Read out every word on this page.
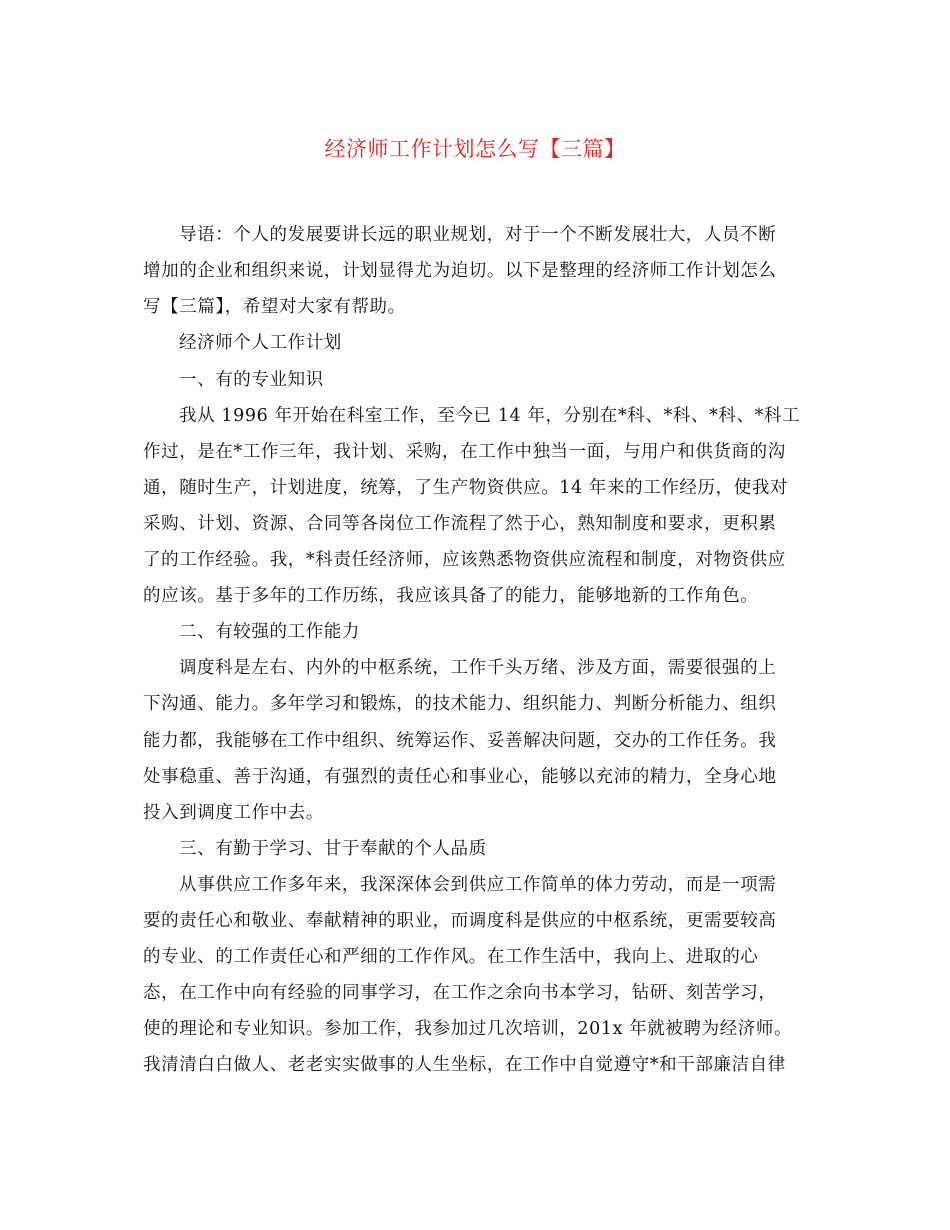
经济师工作计划怎么写【三篇】
导语：个人的发展要讲长远的职业规划，对于一个不断发展壮大，人员不断
增加的企业和组织来说，计划显得尤为迫切。以下是整理的经济师工作计划怎么
写【三篇】，希望对大家有帮助。
经济师个人工作计划
一、有的专业知识
我从 1996 年开始在科室工作，至今已 14 年，分别在*科、*科、*科、*科工
作过，是在*工作三年，我计划、采购，在工作中独当一面，与用户和供货商的沟
通，随时生产，计划进度，统筹，了生产物资供应。14 年来的工作经历，使我对
采购、计划、资源、合同等各岗位工作流程了然于心，熟知制度和要求，更积累
了的工作经验。我，*科责任经济师，应该熟悉物资供应流程和制度，对物资供应
的应该。基于多年的工作历练，我应该具备了的能力，能够地新的工作角色。
二、有较强的工作能力
调度科是左右、内外的中枢系统，工作千头万绪、涉及方面，需要很强的上
下沟通、能力。多年学习和锻炼，的技术能力、组织能力、判断分析能力、组织
能力都，我能够在工作中组织、统筹运作、妥善解决问题，交办的工作任务。我
处事稳重、善于沟通，有强烈的责任心和事业心，能够以充沛的精力，全身心地
投入到调度工作中去。
三、有勤于学习、甘于奉献的个人品质
从事供应工作多年来，我深深体会到供应工作简单的体力劳动，而是一项需
要的责任心和敬业、奉献精神的职业，而调度科是供应的中枢系统，更需要较高
的专业、的工作责任心和严细的工作作风。在工作生活中，我向上、进取的心
态，在工作中向有经验的同事学习，在工作之余向书本学习，钻研、刻苦学习，
使的理论和专业知识。参加工作，我参加过几次培训，201x 年就被聘为经济师。
我清清白白做人、老老实实做事的人生坐标，在工作中自觉遵守*和干部廉洁自律
